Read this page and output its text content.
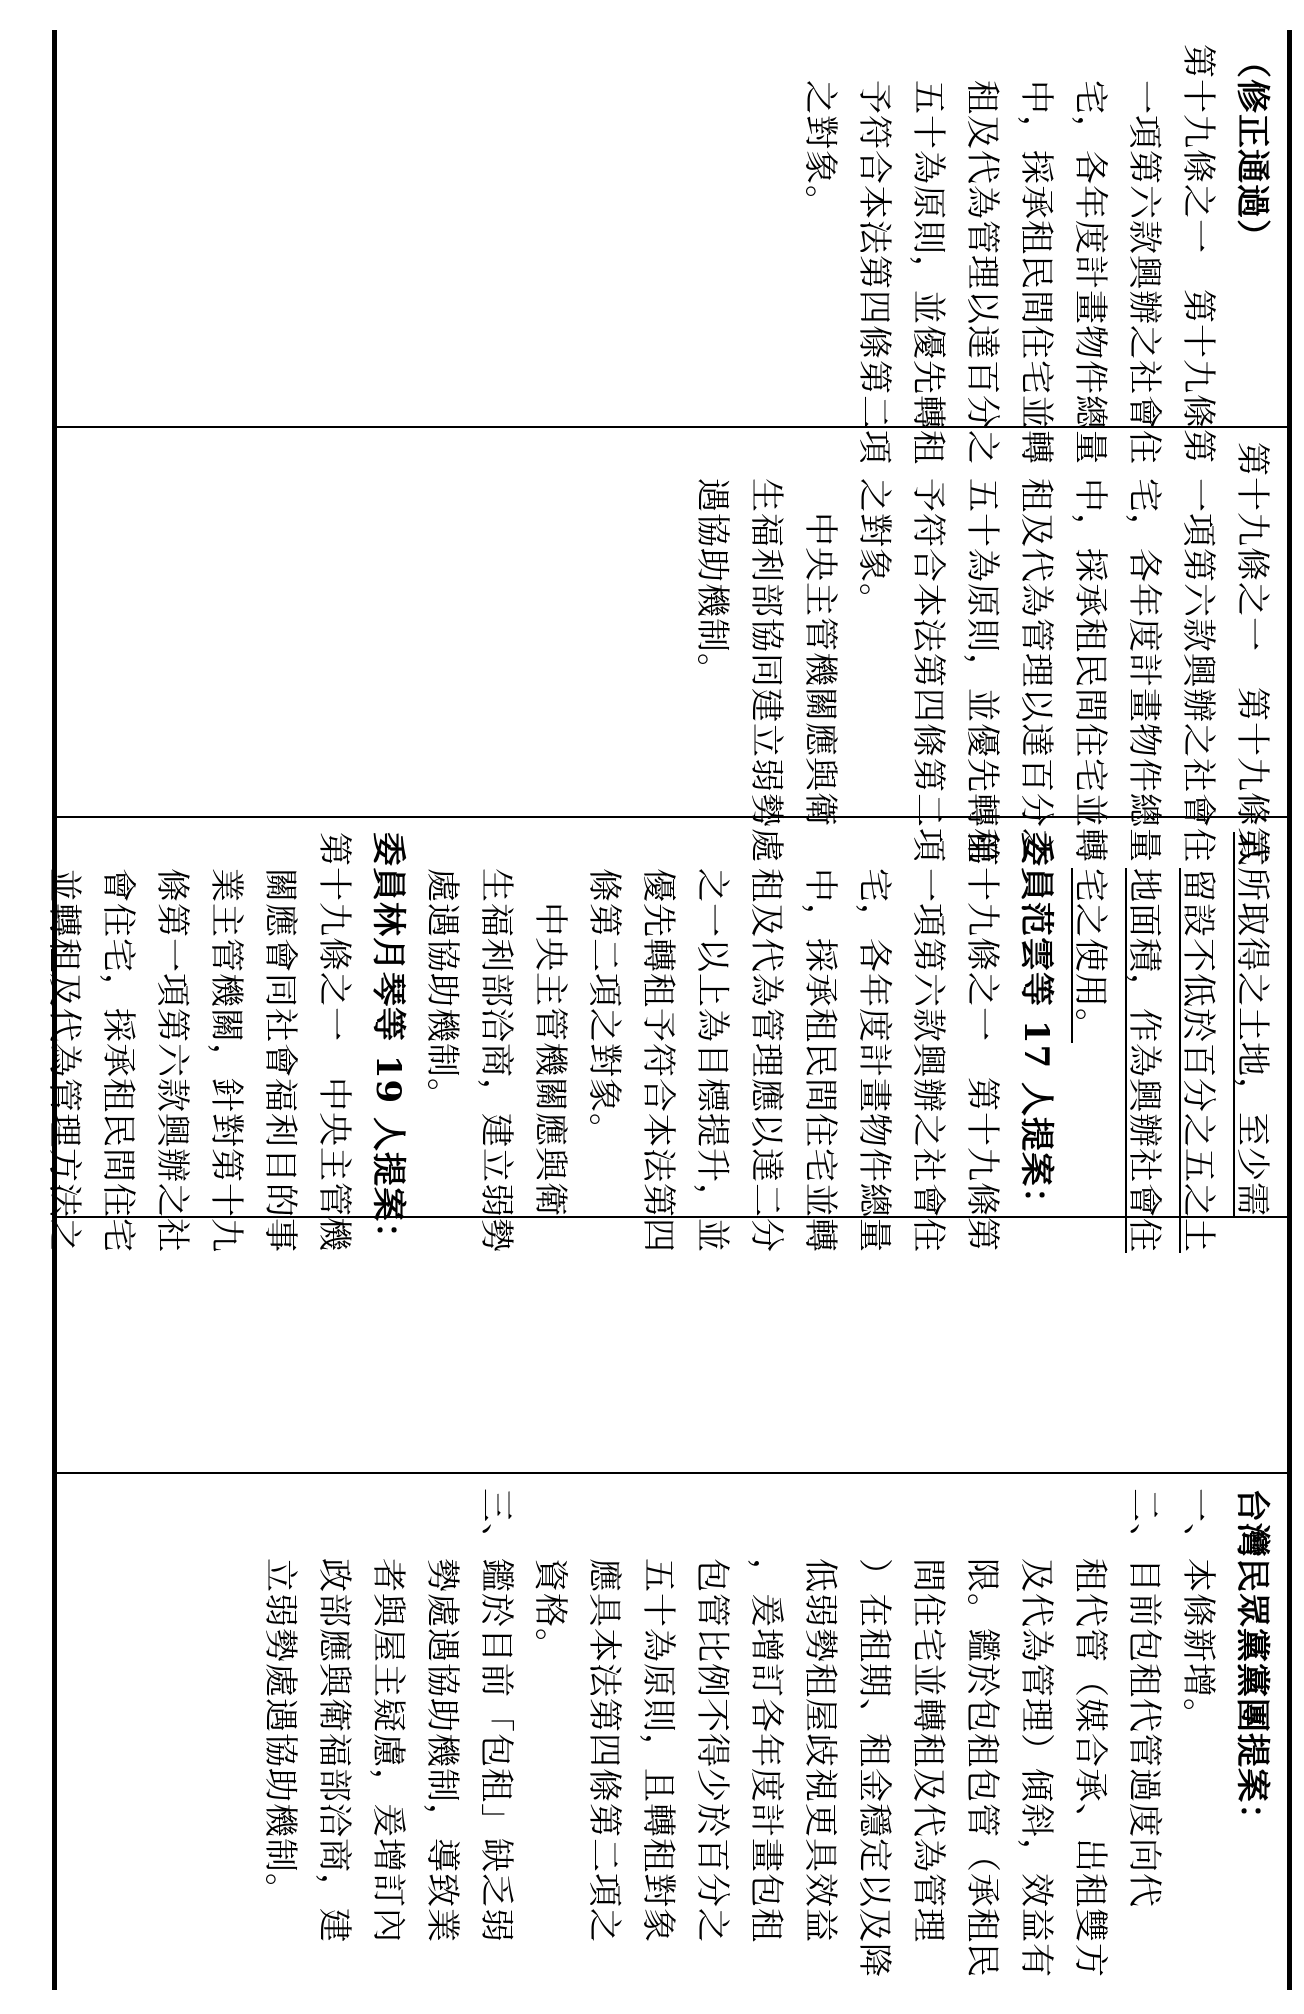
（修正通過）
第十九條之一　第十九條第
一項第六款興辦之社會住
宅，各年度計畫物件總量
中，採承租民間住宅並轉
租及代為管理以達百分之
五十為原則，並優先轉租
予符合本法第四條第二項
之對象。
第十九條之一　第十九條第
一項第六款興辦之社會住
宅，各年度計畫物件總量
中，採承租民間住宅並轉
租及代為管理以達百分之
五十為原則，並優先轉租
予符合本法第四條第二項
之對象。
中央主管機關應與衛
生福利部協同建立弱勢處
遇協助機制。
式所取得之土地，至少需
留設不低於百分之五之土
地面積，作為興辦社會住
宅之使用。
委員范雲等 17 人提案：
第十九條之一　第十九條第
一項第六款興辦之社會住
宅，各年度計畫物件總量
中，採承租民間住宅並轉
租及代為管理應以達二分
之一以上為目標提升，並
優先轉租予符合本法第四
條第二項之對象。
中央主管機關應與衛
生福利部洽商，建立弱勢
處遇協助機制。
委員林月琴等 19 人提案：
第十九條之一　中央主管機
關應會同社會福利目的事
業主管機關，針對第十九
條第一項第六款興辦之社
會住宅，採承租民間住宅
並轉租及代為管理方法之
台灣民眾黨黨團提案：
一、本條新增。
二、目前包租代管過度向代
租代管（媒合承、出租雙方
及代為管理）傾斜，效益有
限。鑑於包租包管（承租民
間住宅並轉租及代為管理
）在租期、租金穩定以及降
低弱勢租屋歧視更具效益
，爰增訂各年度計畫包租
包管比例不得少於百分之
五十為原則，且轉租對象
應具本法第四條第二項之
資格。
三、鑑於目前「包租」缺乏弱
勢處遇協助機制，導致業
者與屋主疑慮，爰增訂內
政部應與衛福部洽商，建
立弱勢處遇協助機制。
